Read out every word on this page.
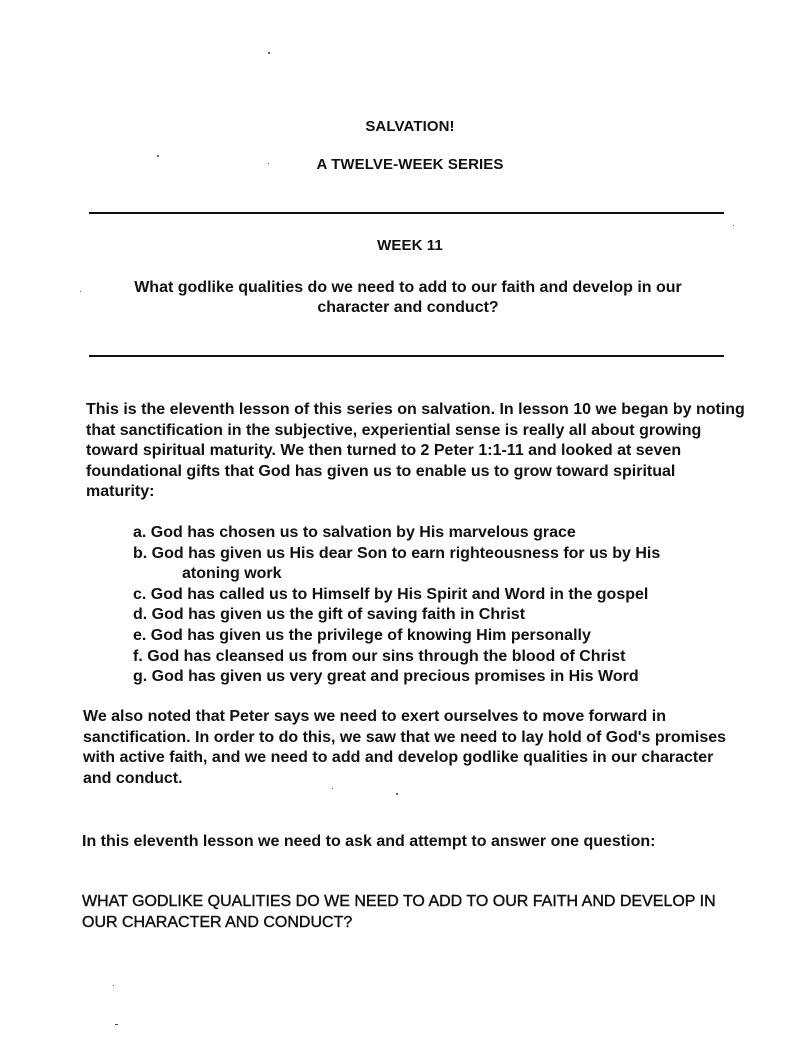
SALVATION!
A TWELVE-WEEK SERIES
WEEK 11
What godlike qualities do we need to add to our faith and develop in our character and conduct?
This is the eleventh lesson of this series on salvation. In lesson 10 we began by noting that sanctification in the subjective, experiential sense is really all about growing toward spiritual maturity. We then turned to 2 Peter 1:1-11 and looked at seven foundational gifts that God has given us to enable us to grow toward spiritual maturity:
a. God has chosen us to salvation by His marvelous grace
b. God has given us His dear Son to earn righteousness for us by His
atoning work
c. God has called us to Himself by His Spirit and Word in the gospel
d. God has given us the gift of saving faith in Christ
e. God has given us the privilege of knowing Him personally
f. God has cleansed us from our sins through the blood of Christ
g. God has given us very great and precious promises in His Word
We also noted that Peter says we need to exert ourselves to move forward in sanctification. In order to do this, we saw that we need to lay hold of God's promises with active faith, and we need to add and develop godlike qualities in our character and conduct.
In this eleventh lesson we need to ask and attempt to answer one question:
WHAT GODLIKE QUALITIES DO WE NEED TO ADD TO OUR FAITH AND DEVELOP IN OUR CHARACTER AND CONDUCT?
